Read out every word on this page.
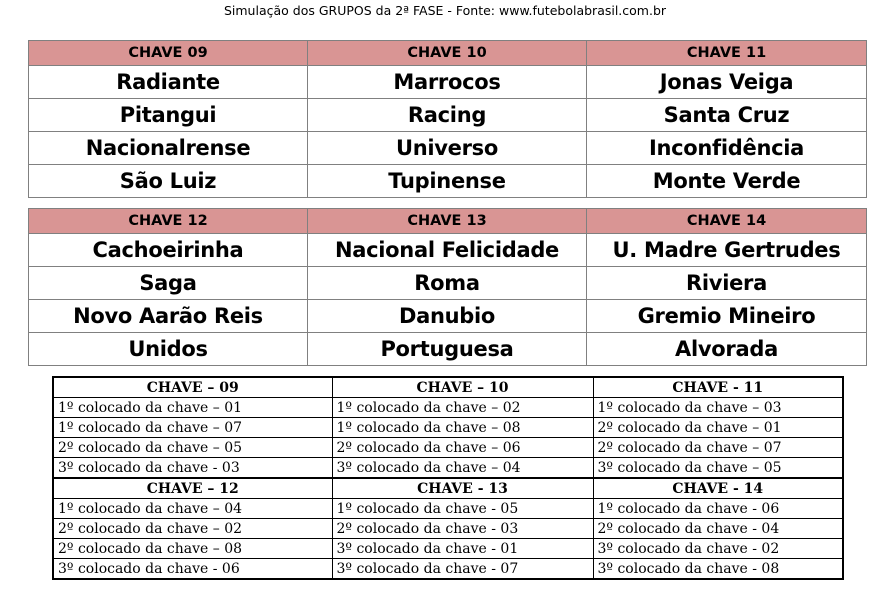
Simulação dos GRUPOS da 2ª FASE - Fonte: www.futebolabrasil.com.br
CHAVE 09	CHAVE 10	CHAVE 11
Radiante	Marrocos	Jonas Veiga
Pitangui	Racing	Santa Cruz
Nacionalrense	Universo	Inconfidência
São Luiz	Tupinense	Monte Verde
CHAVE 12	CHAVE 13	CHAVE 14
Cachoeirinha	Nacional Felicidade	U. Madre Gertrudes
Saga	Roma	Riviera
Novo Aarão Reis	Danubio	Gremio Mineiro
Unidos	Portuguesa	Alvorada
CHAVE – 09	CHAVE – 10	CHAVE - 11
1º colocado da chave – 01	1º colocado da chave – 02	1º colocado da chave – 03
1º colocado da chave – 07	1º colocado da chave – 08	2º colocado da chave – 01
2º colocado da chave – 05	2º colocado da chave – 06	2º colocado da chave – 07
3º colocado da chave - 03	3º colocado da chave – 04	3º colocado da chave – 05
CHAVE – 12	CHAVE - 13	CHAVE - 14
1º colocado da chave – 04	1º colocado da chave - 05	1º colocado da chave - 06
2º colocado da chave – 02	2º colocado da chave - 03	2º colocado da chave - 04
2º colocado da chave – 08	3º colocado da chave - 01	3º colocado da chave - 02
3º colocado da chave - 06	3º colocado da chave - 07	3º colocado da chave - 08
